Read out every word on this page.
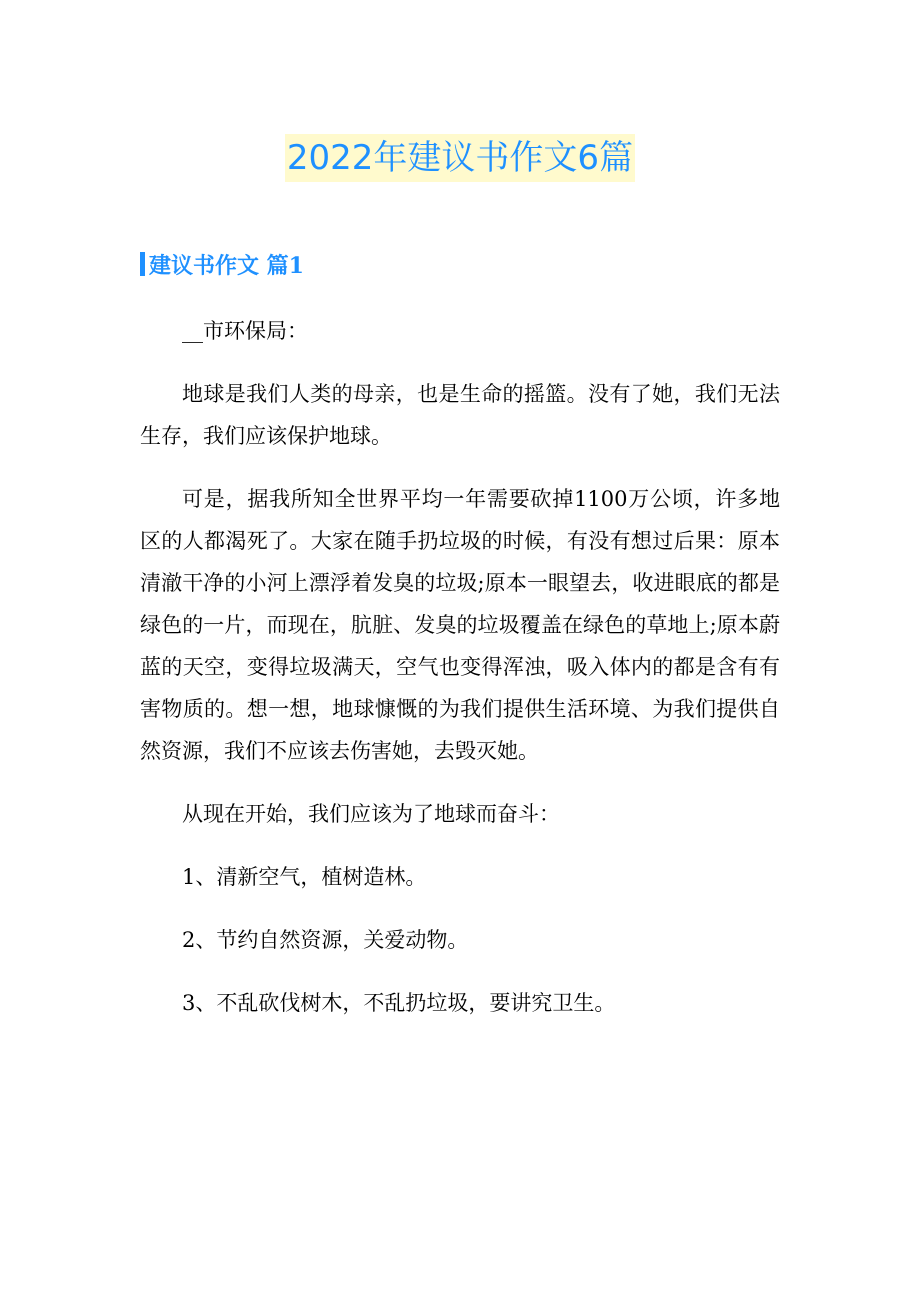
2022年建议书作文6篇
建议书作文 篇1

__市环保局：

地球是我们人类的母亲，也是生命的摇篮。没有了她，我们无法生存，我们应该保护地球。

可是，据我所知全世界平均一年需要砍掉1100万公顷，许多地区的人都渴死了。大家在随手扔垃圾的时候，有没有想过后果：原本清澈干净的小河上漂浮着发臭的垃圾;原本一眼望去，收进眼底的都是绿色的一片，而现在，肮脏、发臭的垃圾覆盖在绿色的草地上;原本蔚蓝的天空，变得垃圾满天，空气也变得浑浊，吸入体内的都是含有有害物质的。想一想，地球慷慨的为我们提供生活环境、为我们提供自然资源，我们不应该去伤害她，去毁灭她。

从现在开始，我们应该为了地球而奋斗：

1、清新空气，植树造林。

2、节约自然资源，关爱动物。

3、不乱砍伐树木，不乱扔垃圾，要讲究卫生。
